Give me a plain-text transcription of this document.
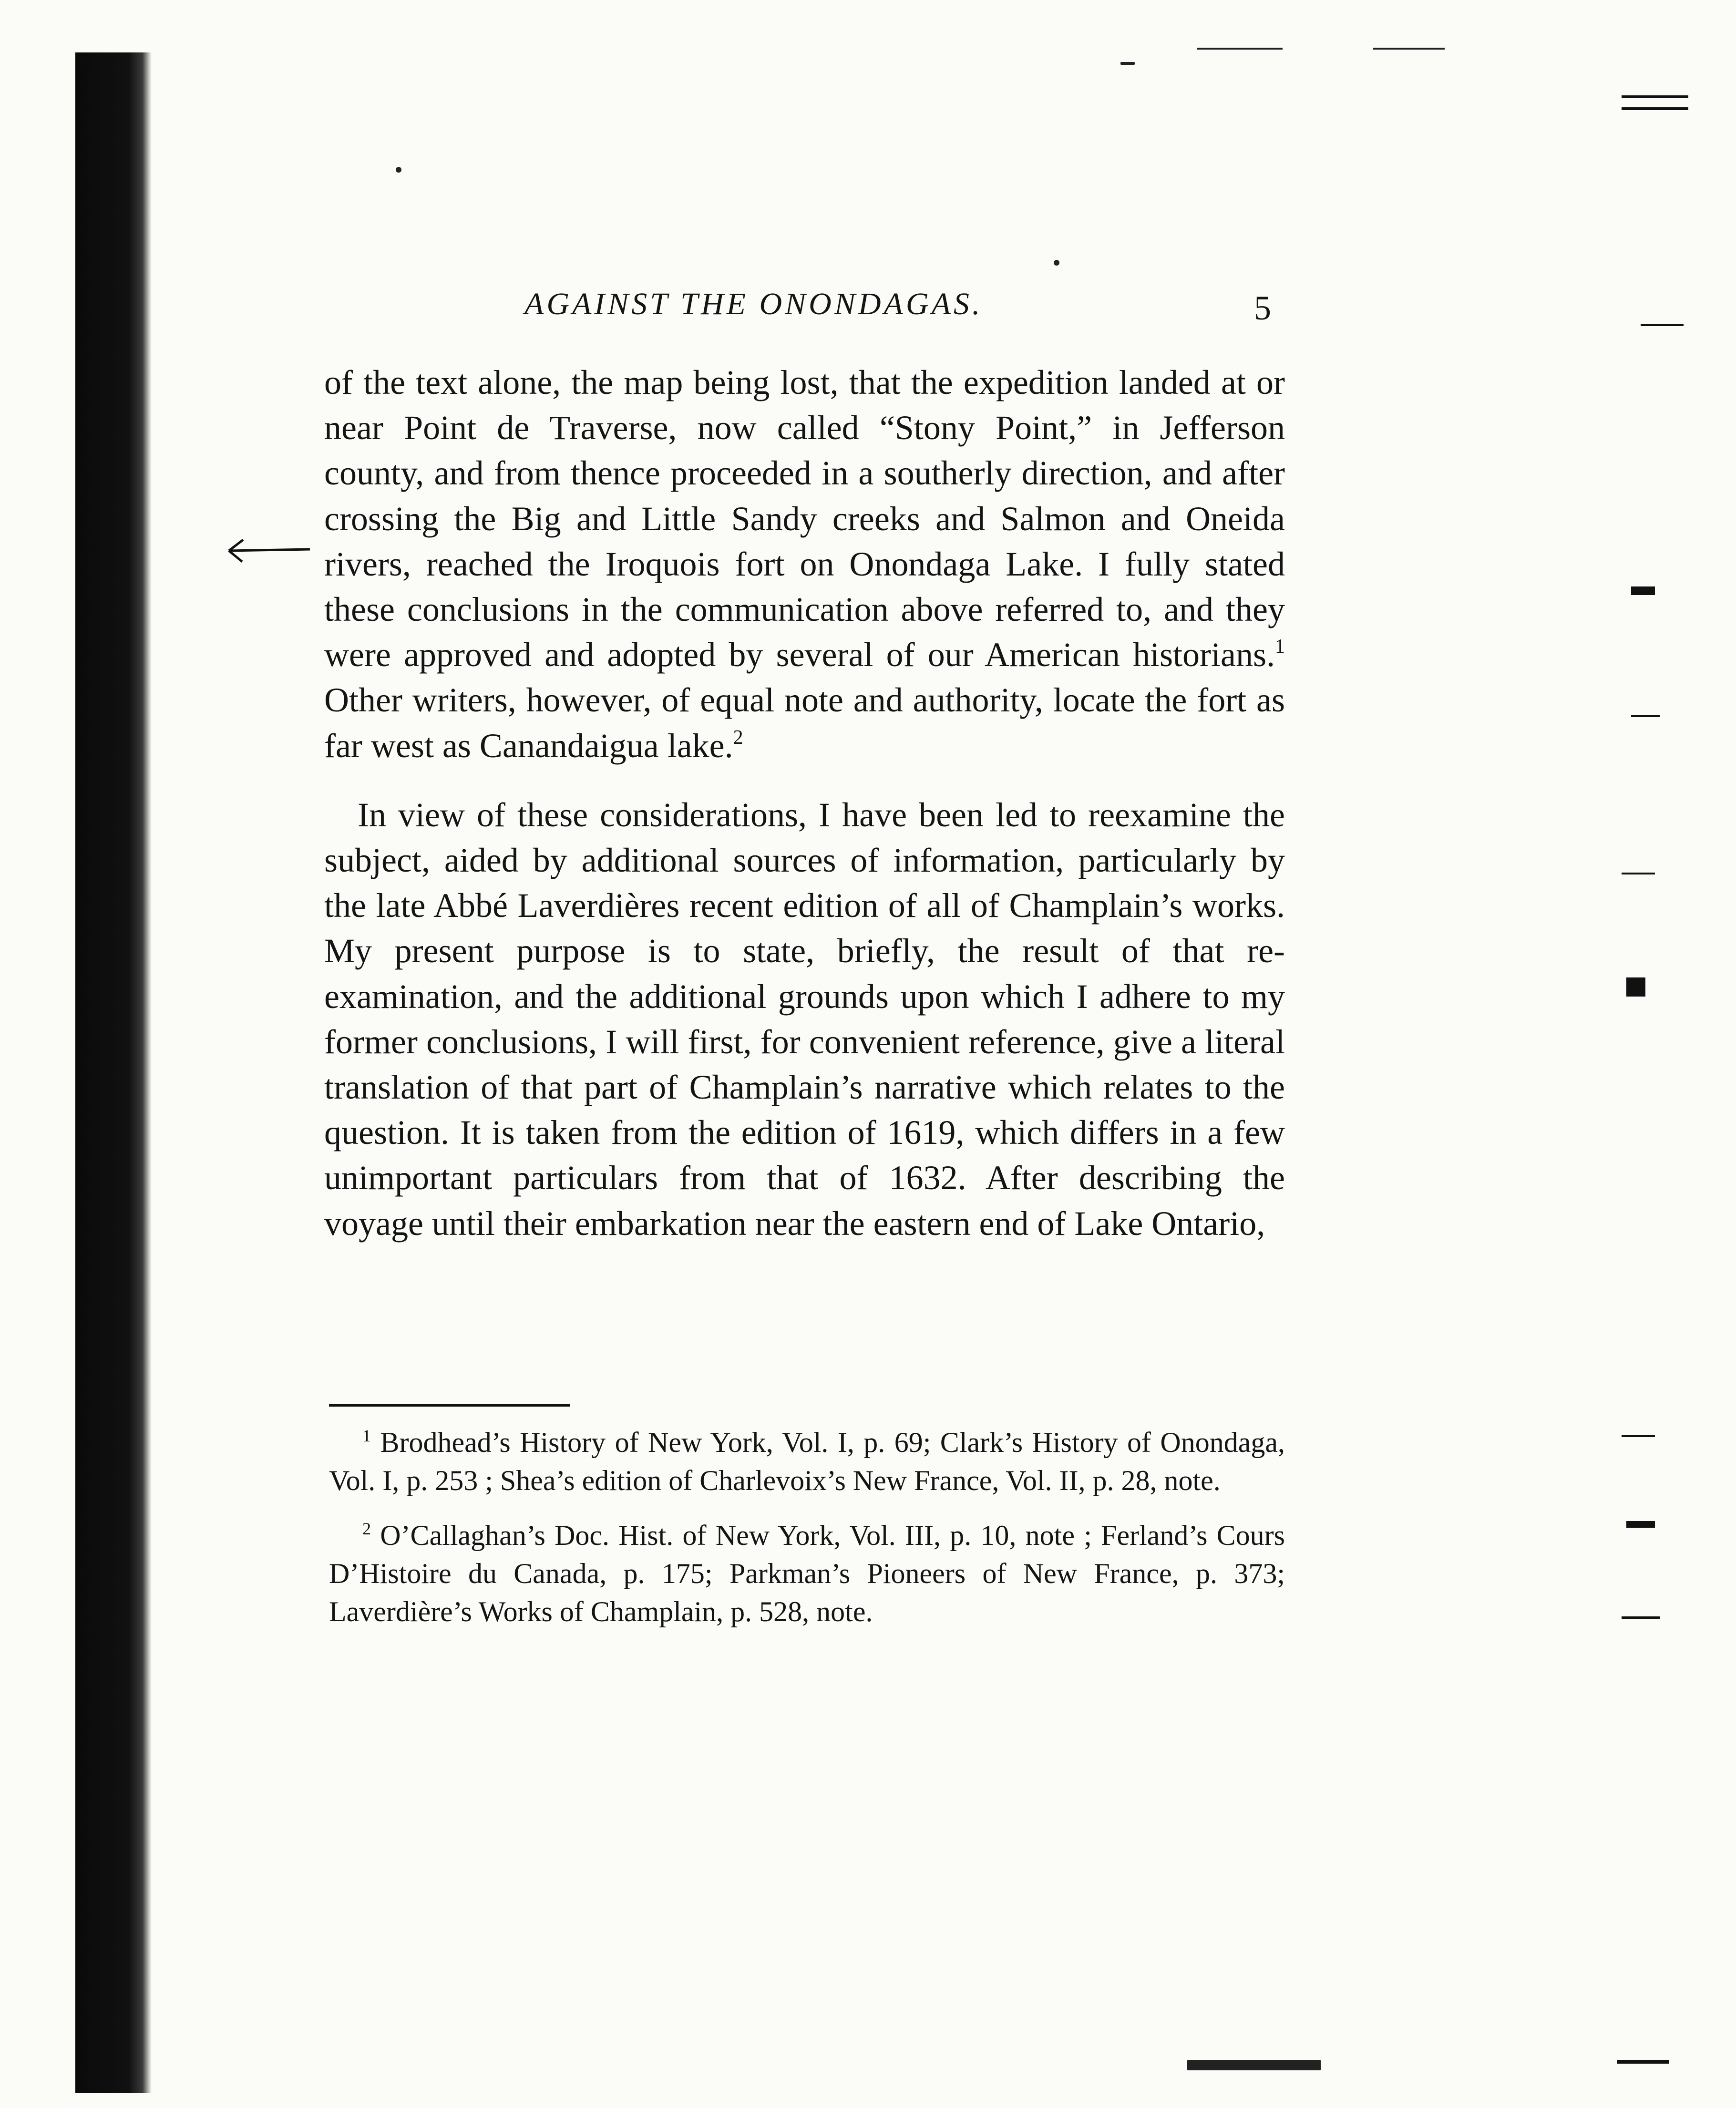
AGAINST THE ONONDAGAS.	5

of the text alone, the map being lost, that the expedition landed at or near Point de Traverse, now called “Stony Point,” in Jefferson county, and from thence proceeded in a southerly direction, and after crossing the Big and Little Sandy creeks and Salmon and Oneida rivers, reached the Iroquois fort on Onondaga Lake. I fully stated these conclusions in the communication above referred to, and they were approved and adopted by several of our American historians.$^1$ Other writers, however, of equal note and authority, locate the fort as far west as Canandaigua lake.$^2$

In view of these considerations, I have been led to reexamine the subject, aided by additional sources of information, particularly by the late Abbé Laverdières recent edition of all of Champlain’s works. My present purpose is to state, briefly, the result of that re-examination, and the additional grounds upon which I adhere to my former conclusions, I will first, for convenient reference, give a literal translation of that part of Champlain’s narrative which relates to the question. It is taken from the edition of 1619, which differs in a few unimportant particulars from that of 1632. After describing the voyage until their embarkation near the eastern end of Lake Ontario,

$^1$ Brodhead’s History of New York, Vol. I, p. 69; Clark’s History of Onondaga, Vol. I, p. 253 ; Shea’s edition of Charlevoix’s New France, Vol. II, p. 28, note.

$^2$ O’Callaghan’s Doc. Hist. of New York, Vol. III, p. 10, note ; Ferland’s Cours D’Histoire du Canada, p. 175; Parkman’s Pioneers of New France, p. 373; Laverdière’s Works of Champlain, p. 528, note.
